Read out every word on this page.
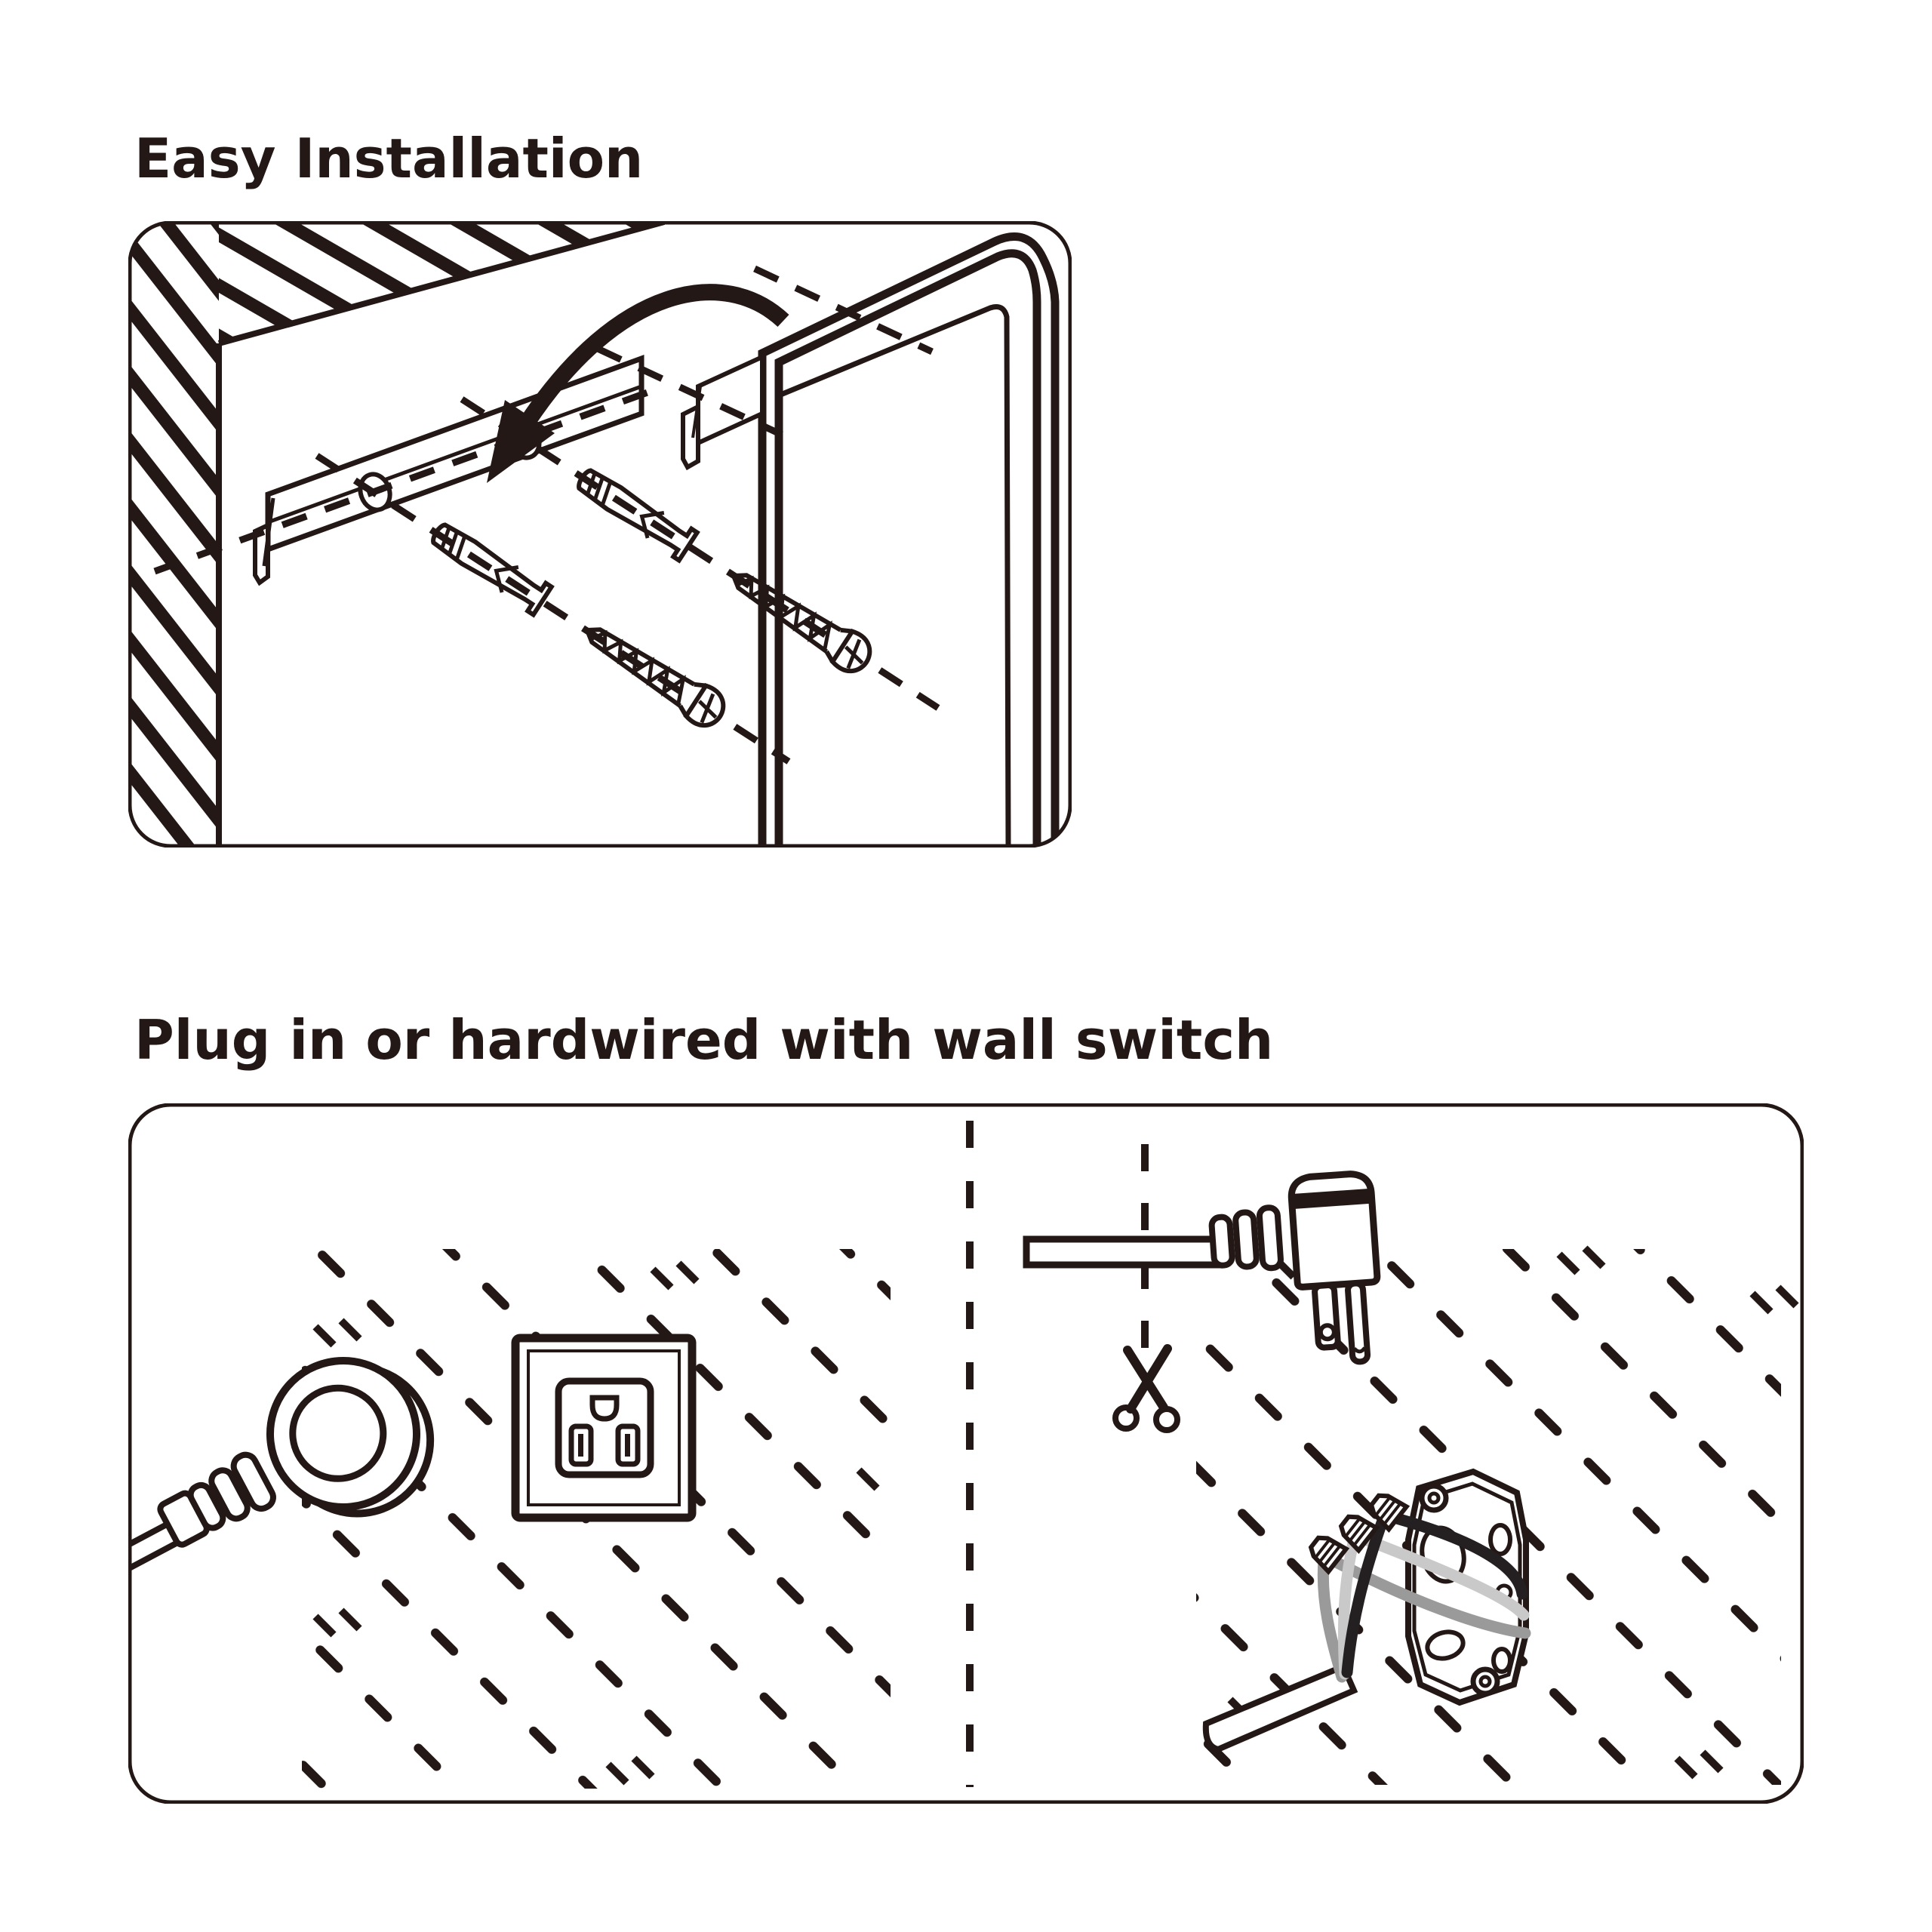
Easy Installation
Plug in or hardwired with wall switch
